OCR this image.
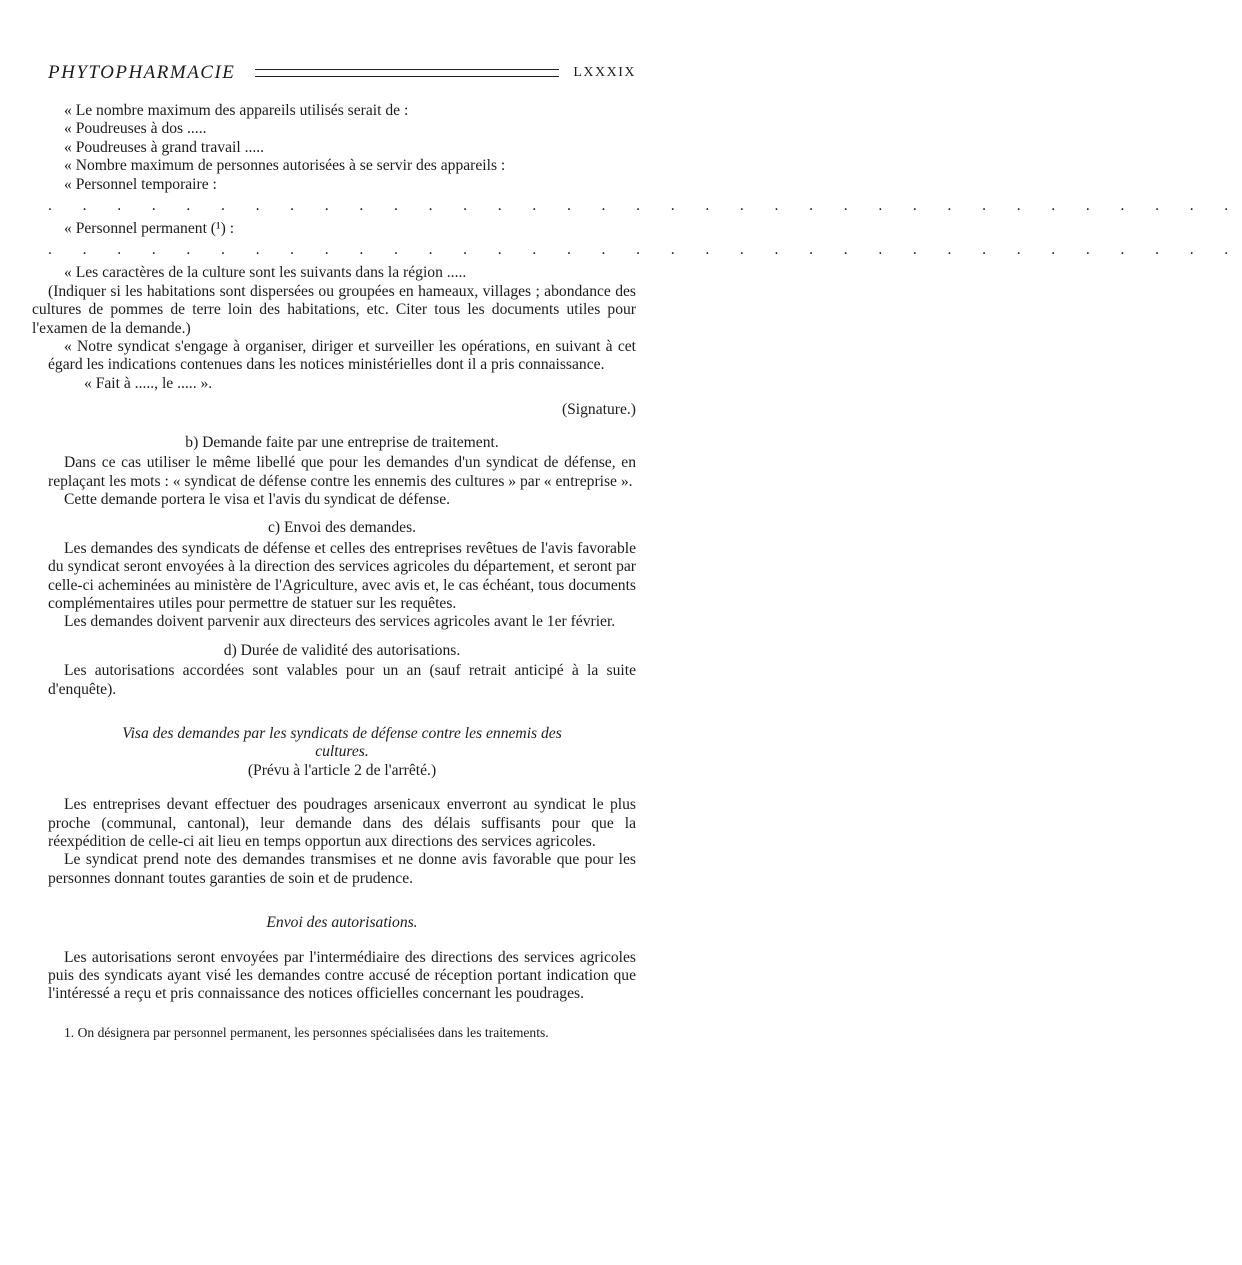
PHYTOPHARMACIE	LXXXIX

« Le nombre maximum des appareils utilisés serait de :

« Poudreuses à dos .....

« Poudreuses à grand travail .....

« Nombre maximum de personnes autorisées à se servir des appareils :

« Personnel temporaire :

. . . . . . . . . . . . . . . . . . . . . . . . . . . . . . . . . . .

« Personnel permanent (¹) :

. . . . . . . . . . . . . . . . . . . . . . . . . . . . . . . . . . .

« Les caractères de la culture sont les suivants dans la région .....

(Indiquer si les habitations sont dispersées ou groupées en hameaux, villages ; abondance des cultures de pommes de terre loin des habitations, etc. Citer tous les documents utiles pour l'examen de la demande.)

« Notre syndicat s'engage à organiser, diriger et surveiller les opérations, en suivant à cet égard les indications contenues dans les notices ministérielles dont il a pris connaissance.

« Fait à ....., le ..... ».

(Signature.)

b) Demande faite par une entreprise de traitement.

Dans ce cas utiliser le même libellé que pour les demandes d'un syndicat de défense, en replaçant les mots : « syndicat de défense contre les ennemis des cultures » par « entreprise ».

Cette demande portera le visa et l'avis du syndicat de défense.

c) Envoi des demandes.

Les demandes des syndicats de défense et celles des entreprises revêtues de l'avis favorable du syndicat seront envoyées à la direction des services agricoles du département, et seront par celle-ci acheminées au ministère de l'Agriculture, avec avis et, le cas échéant, tous documents complémentaires utiles pour permettre de statuer sur les requêtes.

Les demandes doivent parvenir aux directeurs des services agricoles avant le 1er février.

d) Durée de validité des autorisations.

Les autorisations accordées sont valables pour un an (sauf retrait anticipé à la suite d'enquête).

Visa des demandes par les syndicats de défense contre les ennemis des cultures.

(Prévu à l'article 2 de l'arrêté.)

Les entreprises devant effectuer des poudrages arsenicaux enverront au syndicat le plus proche (communal, cantonal), leur demande dans des délais suffisants pour que la réexpédition de celle-ci ait lieu en temps opportun aux directions des services agricoles.

Le syndicat prend note des demandes transmises et ne donne avis favorable que pour les personnes donnant toutes garanties de soin et de prudence.

Envoi des autorisations.

Les autorisations seront envoyées par l'intermédiaire des directions des services agricoles puis des syndicats ayant visé les demandes contre accusé de réception portant indication que l'intéressé a reçu et pris connaissance des notices officielles concernant les poudrages.

1. On désignera par personnel permanent, les personnes spécialisées dans les traitements.
